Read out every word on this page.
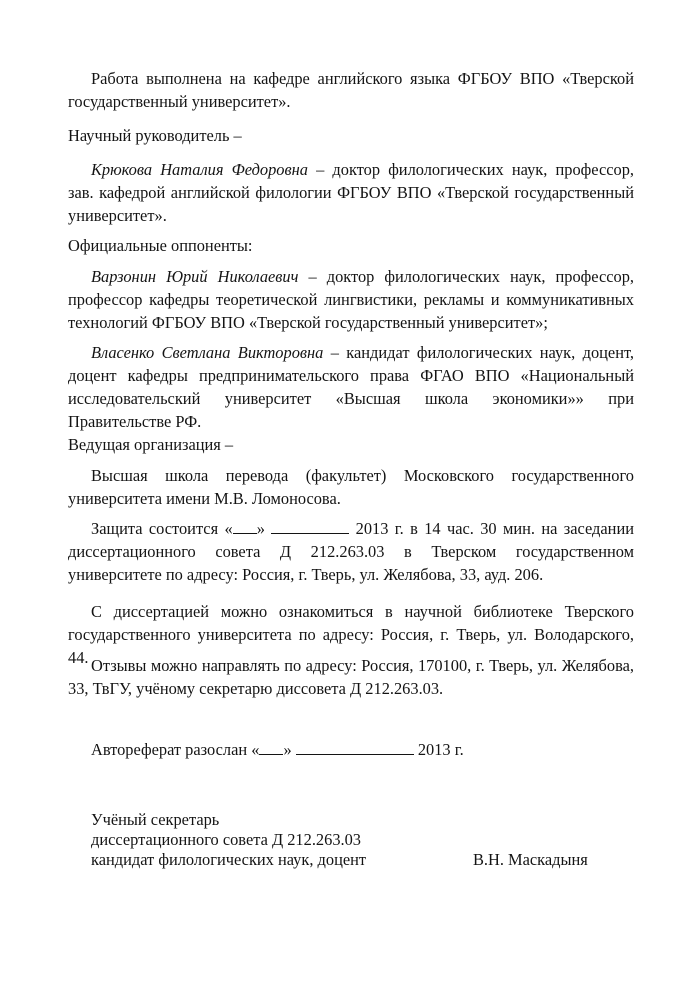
Работа выполнена на кафедре английского языка ФГБОУ ВПО «Тверской государственный университет».

Научный руководитель –

Крюкова Наталия Федоровна – доктор филологических наук, профессор, зав. кафедрой английской филологии ФГБОУ ВПО «Тверской государственный университет».

Официальные оппоненты:

Варзонин Юрий Николаевич – доктор филологических наук, профессор, профессор кафедры теоретической лингвистики, рекламы и коммуникативных технологий ФГБОУ ВПО «Тверской государственный университет»;

Власенко Светлана Викторовна – кандидат филологических наук, доцент, доцент кафедры предпринимательского права ФГАО ВПО «Национальный исследовательский университет «Высшая школа экономики»» при Правительстве РФ.

Ведущая организация –

Высшая школа перевода (факультет) Московского государственного университета имени М.В. Ломоносова.

Защита состоится « »	2013 г. в 14 час. 30 мин. на заседании диссертационного совета Д 212.263.03 в Тверском государственном университете по адресу: Россия, г. Тверь, ул. Желябова, 33, ауд. 206.

С диссертацией можно ознакомиться в научной библиотеке Тверского государственного университета по адресу: Россия, г. Тверь, ул. Володарского, 44. Отзывы можно направлять по адресу: Россия, 170100, г. Тверь, ул. Желябова, 33, ТвГУ, учёному секретарю диссовета Д 212.263.03.

Автореферат разослан « »	2013 г.

Учёный секретарь

диссертационного совета Д 212.263.03

кандидат филологических наук, доцент	В.Н. Маскадыня
